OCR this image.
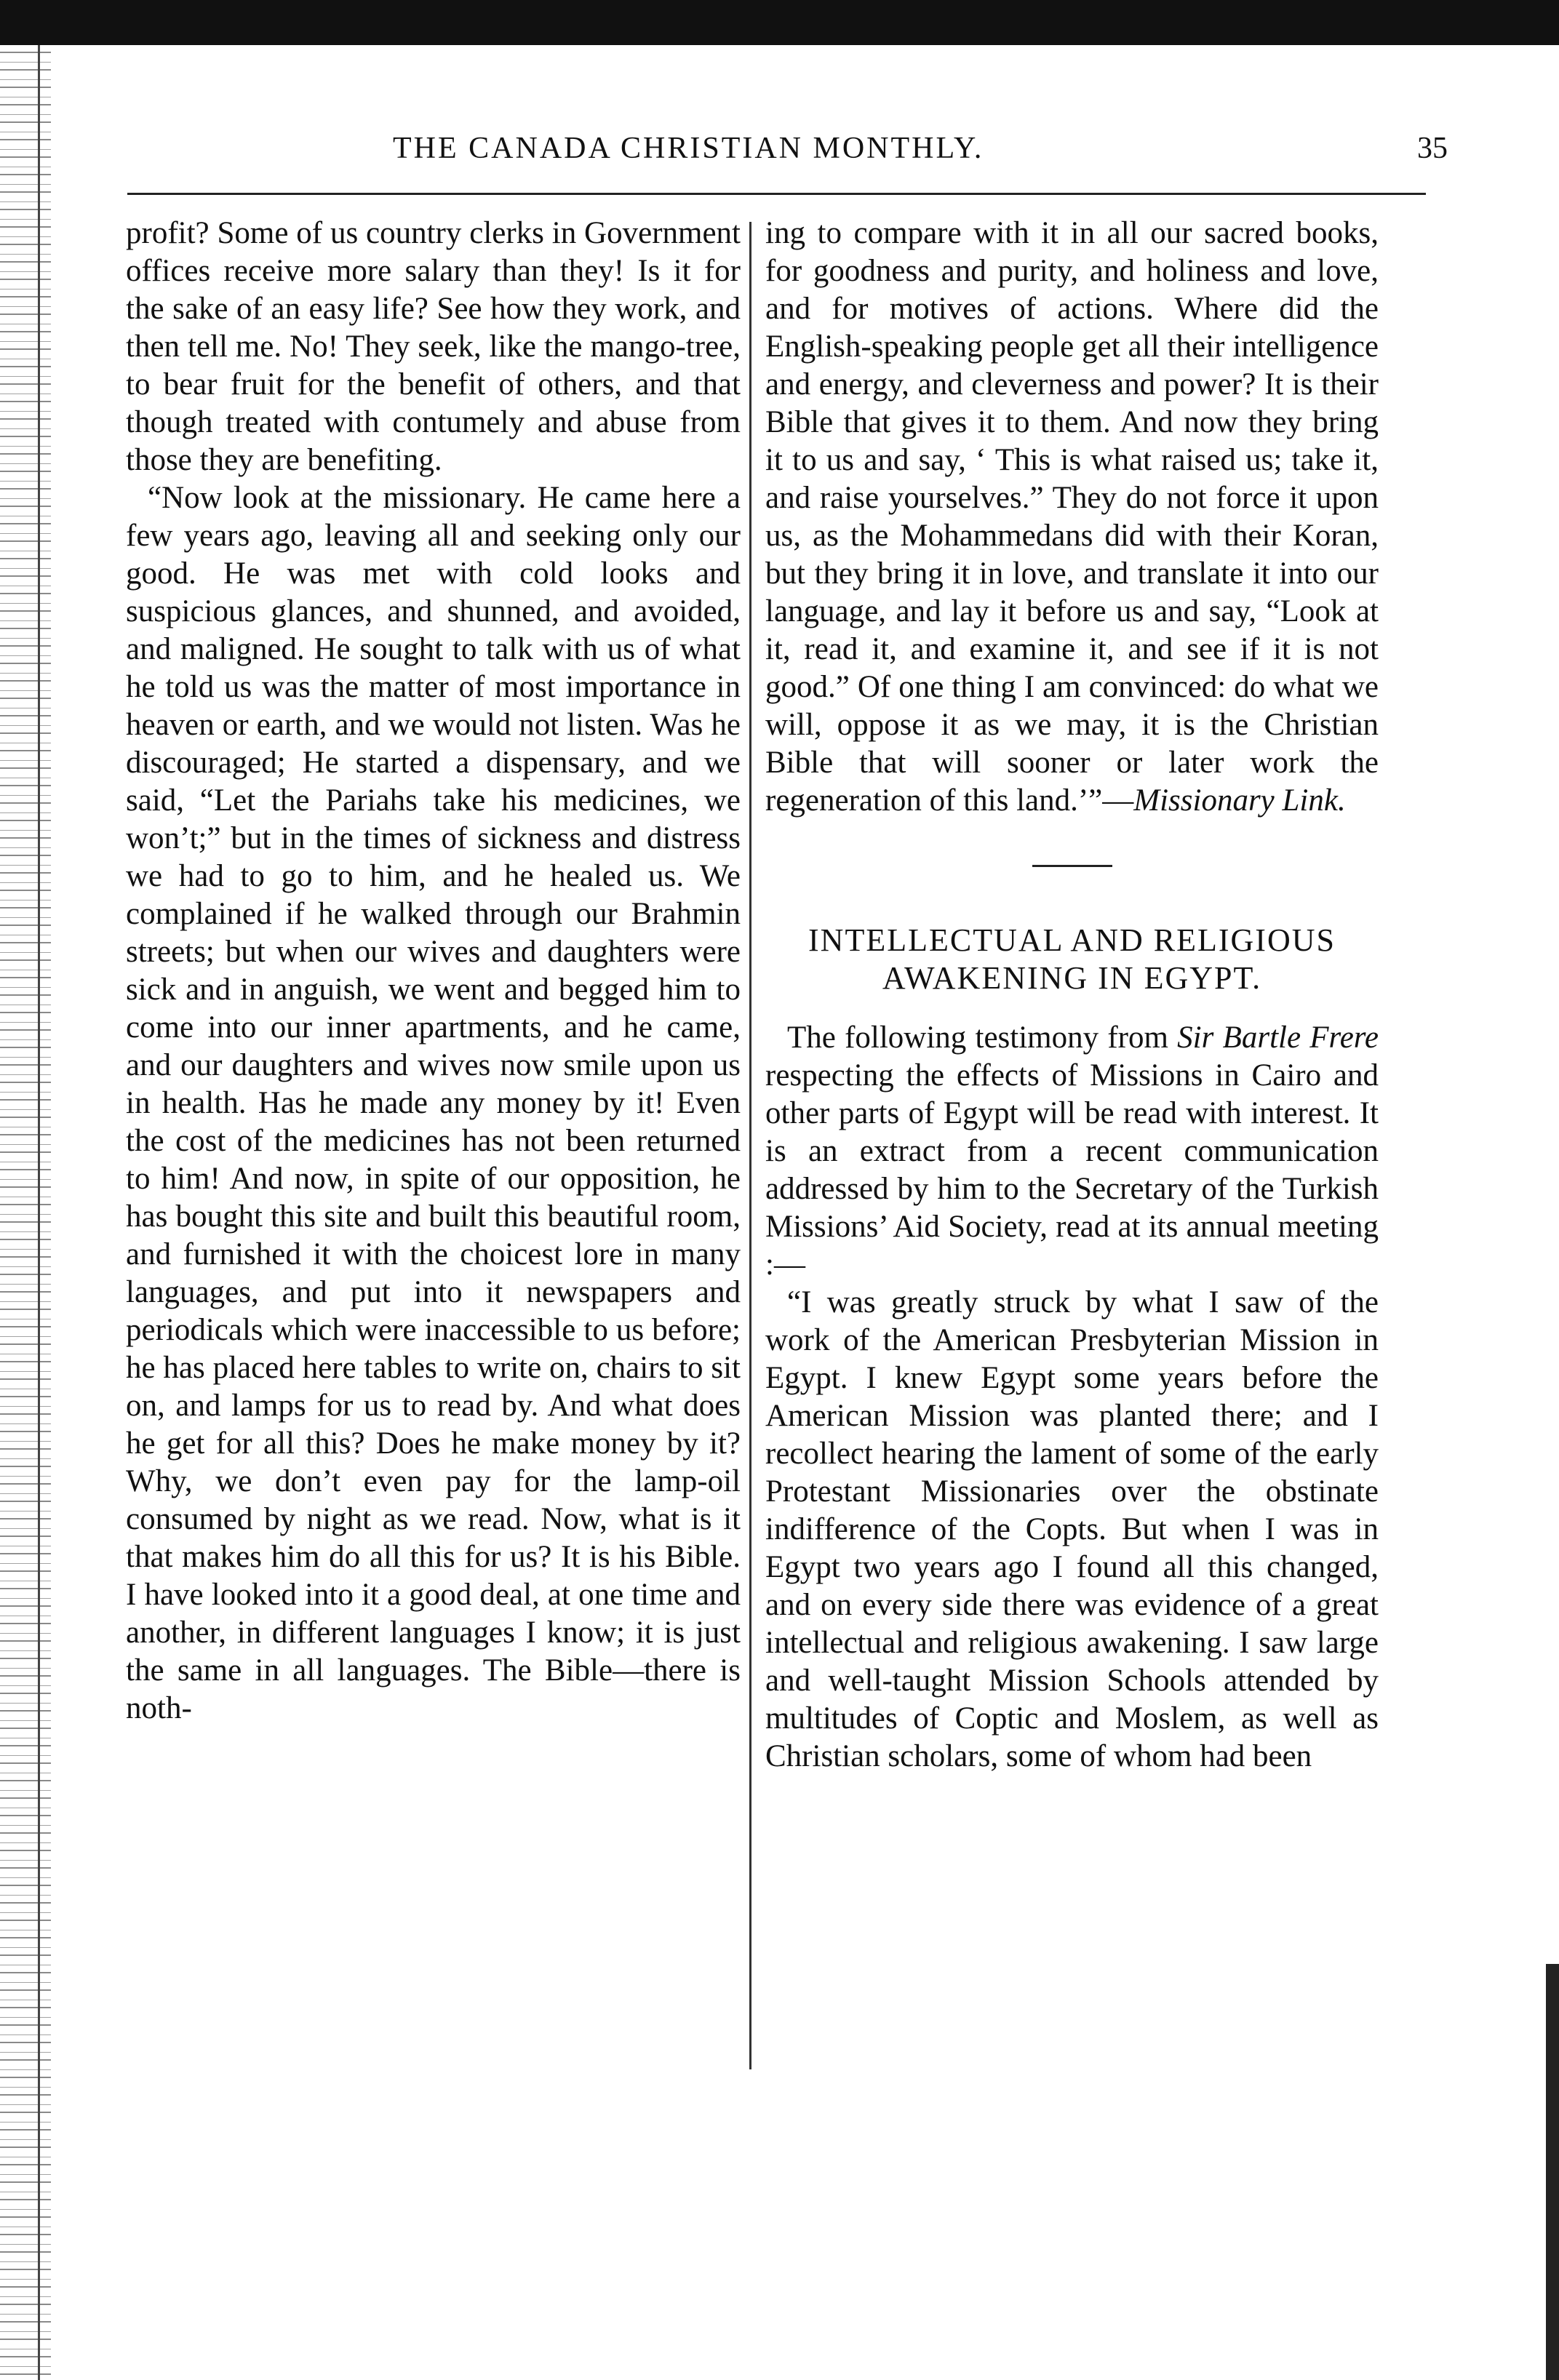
THE CANADA CHRISTIAN MONTHLY.	35

profit? Some of us country clerks in Government offices receive more salary than they! Is it for the sake of an easy life? See how they work, and then tell me. No! They seek, like the mango-tree, to bear fruit for the benefit of others, and that though treated with contumely and abuse from those they are benefiting.

“Now look at the missionary. He came here a few years ago, leaving all and seeking only our good. He was met with cold looks and suspicious glances, and shunned, and avoided, and maligned. He sought to talk with us of what he told us was the matter of most importance in heaven or earth, and we would not listen. Was he discouraged; He started a dispensary, and we said, “Let the Pariahs take his medicines, we won’t;” but in the times of sickness and distress we had to go to him, and he healed us. We complained if he walked through our Brahmin streets; but when our wives and daughters were sick and in anguish, we went and begged him to come into our inner apartments, and he came, and our daughters and wives now smile upon us in health. Has he made any money by it! Even the cost of the medicines has not been returned to him! And now, in spite of our opposition, he has bought this site and built this beautiful room, and furnished it with the choicest lore in many languages, and put into it newspapers and periodicals which were inaccessible to us before; he has placed here tables to write on, chairs to sit on, and lamps for us to read by. And what does he get for all this? Does he make money by it? Why, we don’t even pay for the lamp-oil consumed by night as we read. Now, what is it that makes him do all this for us? It is his Bible. I have looked into it a good deal, at one time and another, in different languages I know; it is just the same in all languages. The Bible—there is noth-

ing to compare with it in all our sacred books, for goodness and purity, and holiness and love, and for motives of actions. Where did the English-speaking people get all their intelligence and energy, and cleverness and power? It is their Bible that gives it to them. And now they bring it to us and say, ‘ This is what raised us; take it, and raise yourselves.” They do not force it upon us, as the Mohammedans did with their Koran, but they bring it in love, and translate it into our language, and lay it before us and say, “Look at it, read it, and examine it, and see if it is not good.” Of one thing I am convinced: do what we will, oppose it as we may, it is the Christian Bible that will sooner or later work the regeneration of this land.’”—Missionary Link.

INTELLECTUAL AND RELIGIOUS AWAKENING IN EGYPT.

The following testimony from Sir Bartle Frere respecting the effects of Missions in Cairo and other parts of Egypt will be read with interest. It is an extract from a recent communication addressed by him to the Secretary of the Turkish Missions’ Aid Society, read at its annual meeting :—

“I was greatly struck by what I saw of the work of the American Presbyterian Mission in Egypt. I knew Egypt some years before the American Mission was planted there; and I recollect hearing the lament of some of the early Protestant Missionaries over the obstinate indifference of the Copts. But when I was in Egypt two years ago I found all this changed, and on every side there was evidence of a great intellectual and religious awakening. I saw large and well-taught Mission Schools attended by multitudes of Coptic and Moslem, as well as Christian scholars, some of whom had been
